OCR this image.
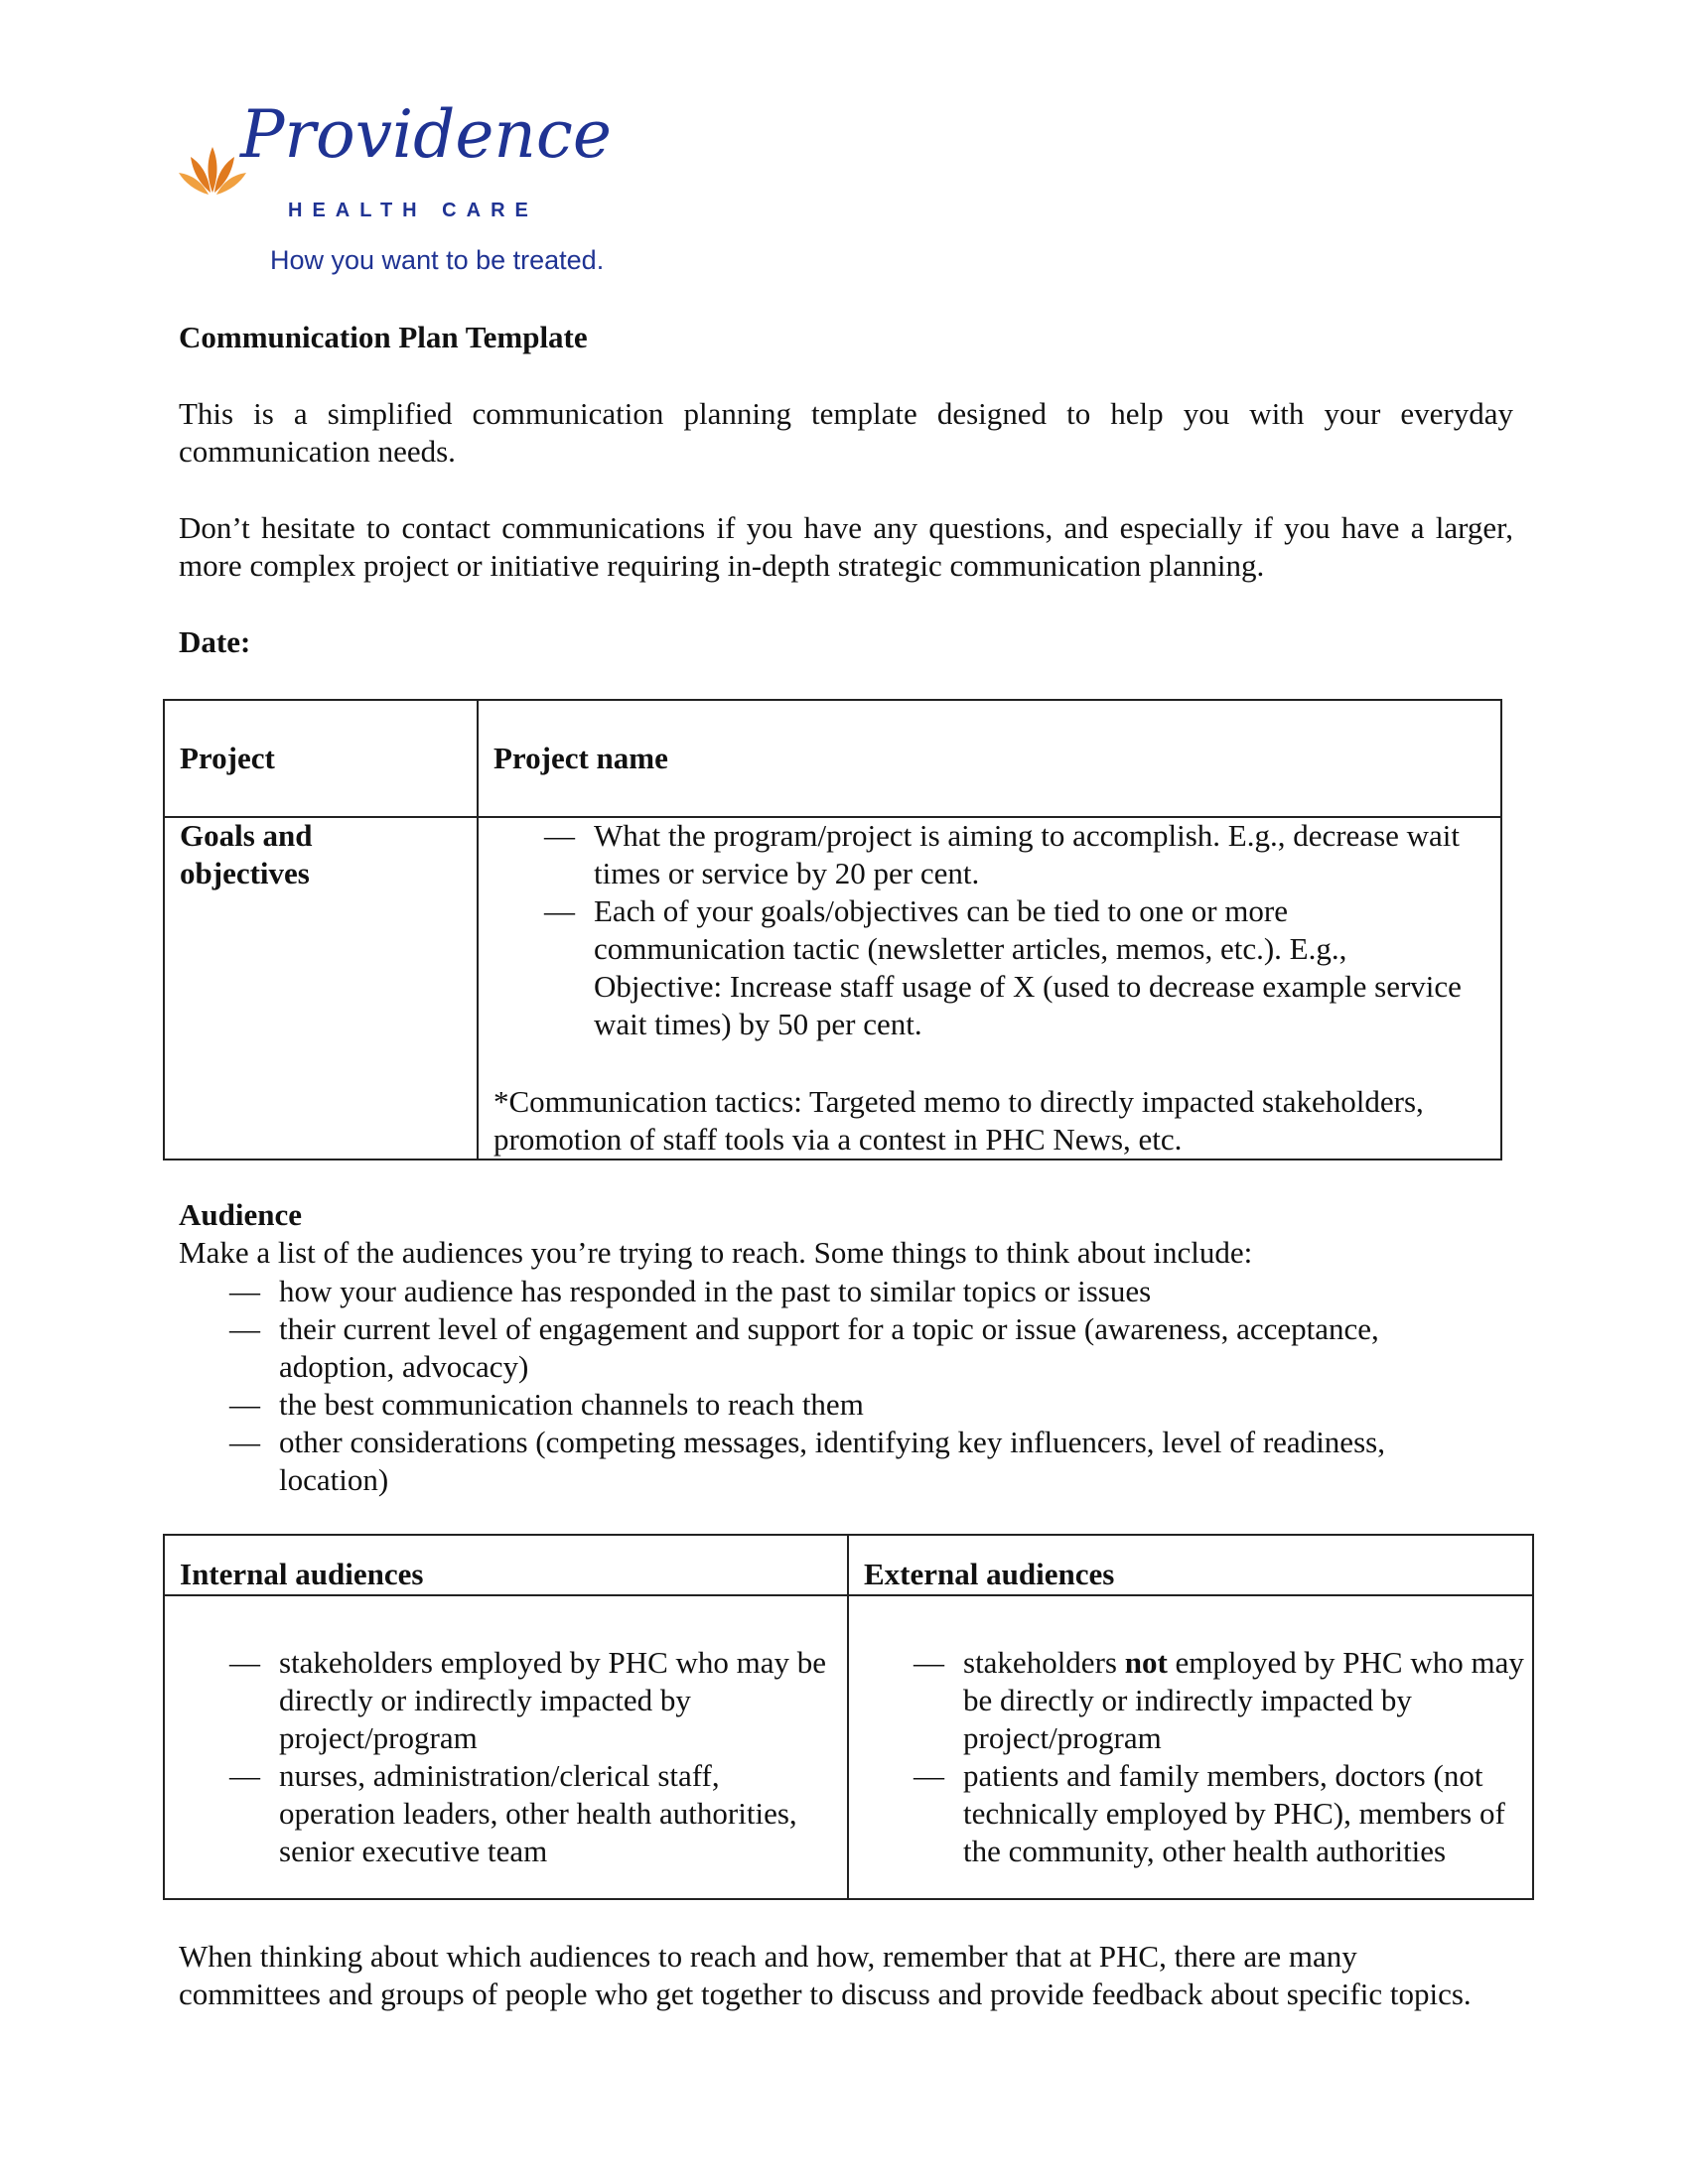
Providence
HEALTH CARE
How you want to be treated.
Communication Plan Template
This is a simplified communication planning template designed to help you with your everyday communication needs.
Don’t hesitate to contact communications if you have any questions, and especially if you have a larger, more complex project or initiative requiring in-depth strategic communication planning.
Date:
Project	Project name
Goals and
objectives
— What the program/project is aiming to accomplish. E.g., decrease wait times or service by 20 per cent.
— Each of your goals/objectives can be tied to one or more communication tactic (newsletter articles, memos, etc.). E.g., Objective: Increase staff usage of X (used to decrease example service wait times) by 50 per cent.
*Communication tactics: Targeted memo to directly impacted stakeholders, promotion of staff tools via a contest in PHC News, etc.
Audience
Make a list of the audiences you’re trying to reach. Some things to think about include:
— how your audience has responded in the past to similar topics or issues
— their current level of engagement and support for a topic or issue (awareness, acceptance, adoption, advocacy)
— the best communication channels to reach them
— other considerations (competing messages, identifying key influencers, level of readiness, location)
Internal audiences	External audiences
— stakeholders employed by PHC who may be directly or indirectly impacted by project/program
— nurses, administration/clerical staff, operation leaders, other health authorities, senior executive team
— stakeholders not employed by PHC who may be directly or indirectly impacted by project/program
— patients and family members, doctors (not technically employed by PHC), members of the community, other health authorities
When thinking about which audiences to reach and how, remember that at PHC, there are many committees and groups of people who get together to discuss and provide feedback about specific topics.
